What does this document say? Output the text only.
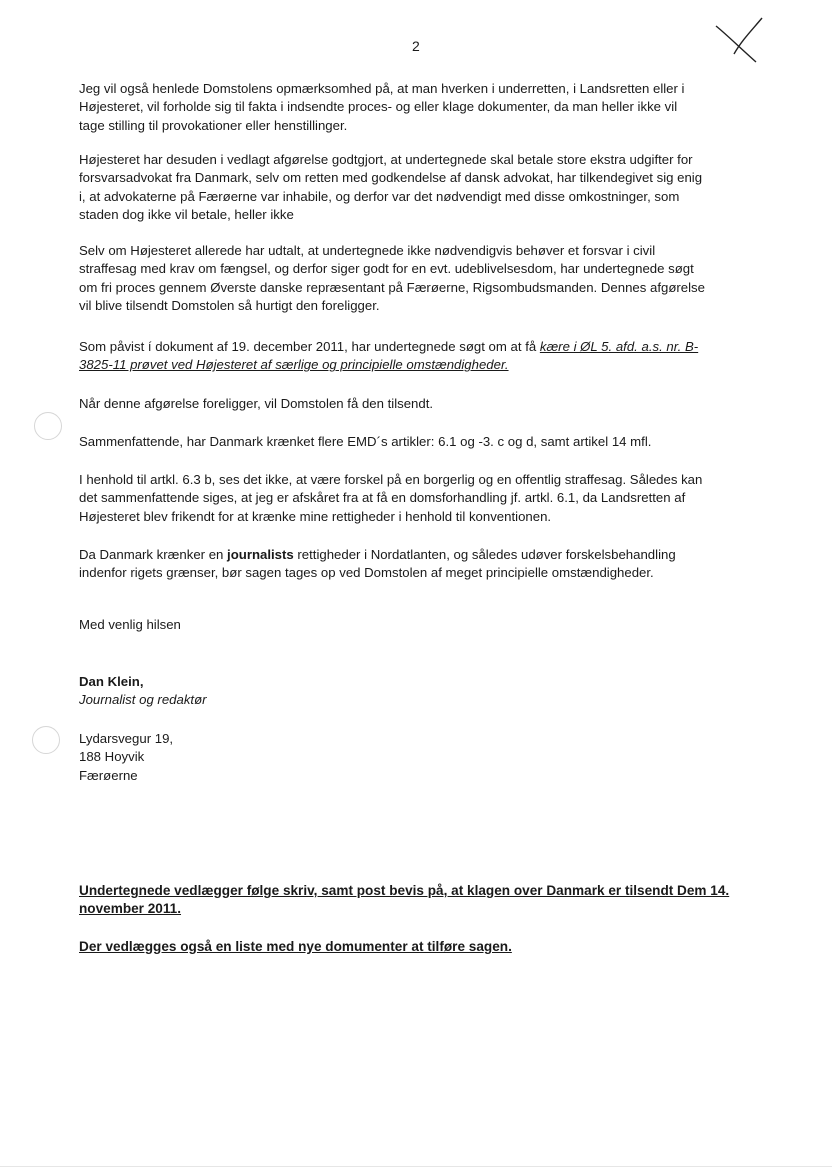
2

Jeg vil også henlede Domstolens opmærksomhed på, at man hverken i underretten, i Landsretten eller i
Højesteret, vil forholde sig til fakta i indsendte proces- og eller klage dokumenter, da man heller ikke vil
tage stilling til provokationer eller henstillinger.

Højesteret har desuden i vedlagt afgørelse godtgjort, at undertegnede skal betale store ekstra udgifter for
forsvarsadvokat fra Danmark, selv om retten med godkendelse af dansk advokat, har tilkendegivet sig enig
i, at advokaterne på Færøerne var inhabile, og derfor var det nødvendigt med disse omkostninger, som
staden dog ikke vil betale, heller ikke

Selv om Højesteret allerede har udtalt, at undertegnede ikke nødvendigvis behøver et forsvar i civil
straffesag med krav om fængsel, og derfor siger godt for en evt. udeblivelsesdom, har undertegnede søgt
om fri proces gennem Øverste danske repræsentant på Færøerne, Rigsombudsmanden. Dennes afgørelse
vil blive tilsendt Domstolen så hurtigt den foreligger.

Som påvist í dokument af 19. december 2011, har undertegnede søgt om at få kære i ØL 5. afd. a.s. nr. B-
3825-11 prøvet ved Højesteret af særlige og principielle omstændigheder.

Når denne afgørelse foreligger, vil Domstolen få den tilsendt.

Sammenfattende, har Danmark krænket flere EMD´s artikler: 6.1 og -3. c og d, samt artikel 14 mfl.

I henhold til artkl. 6.3 b, ses det ikke, at være forskel på en borgerlig og en offentlig straffesag. Således kan
det sammenfattende siges, at jeg er afskåret fra at få en domsforhandling jf. artkl. 6.1, da Landsretten af
Højesteret blev frikendt for at krænke mine rettigheder i henhold til konventionen.

Da Danmark krænker en journalists rettigheder i Nordatlanten, og således udøver forskelsbehandling
indenfor rigets grænser, bør sagen tages op ved Domstolen af meget principielle omstændigheder.

Med venlig hilsen

Dan Klein,
Journalist og redaktør

Lydarsvegur 19,
188 Hoyvik
Færøerne

Undertegnede vedlægger følge skriv, samt post bevis på, at klagen over Danmark er tilsendt Dem 14.
november 2011.

Der vedlægges også en liste med nye domumenter at tilføre sagen.
